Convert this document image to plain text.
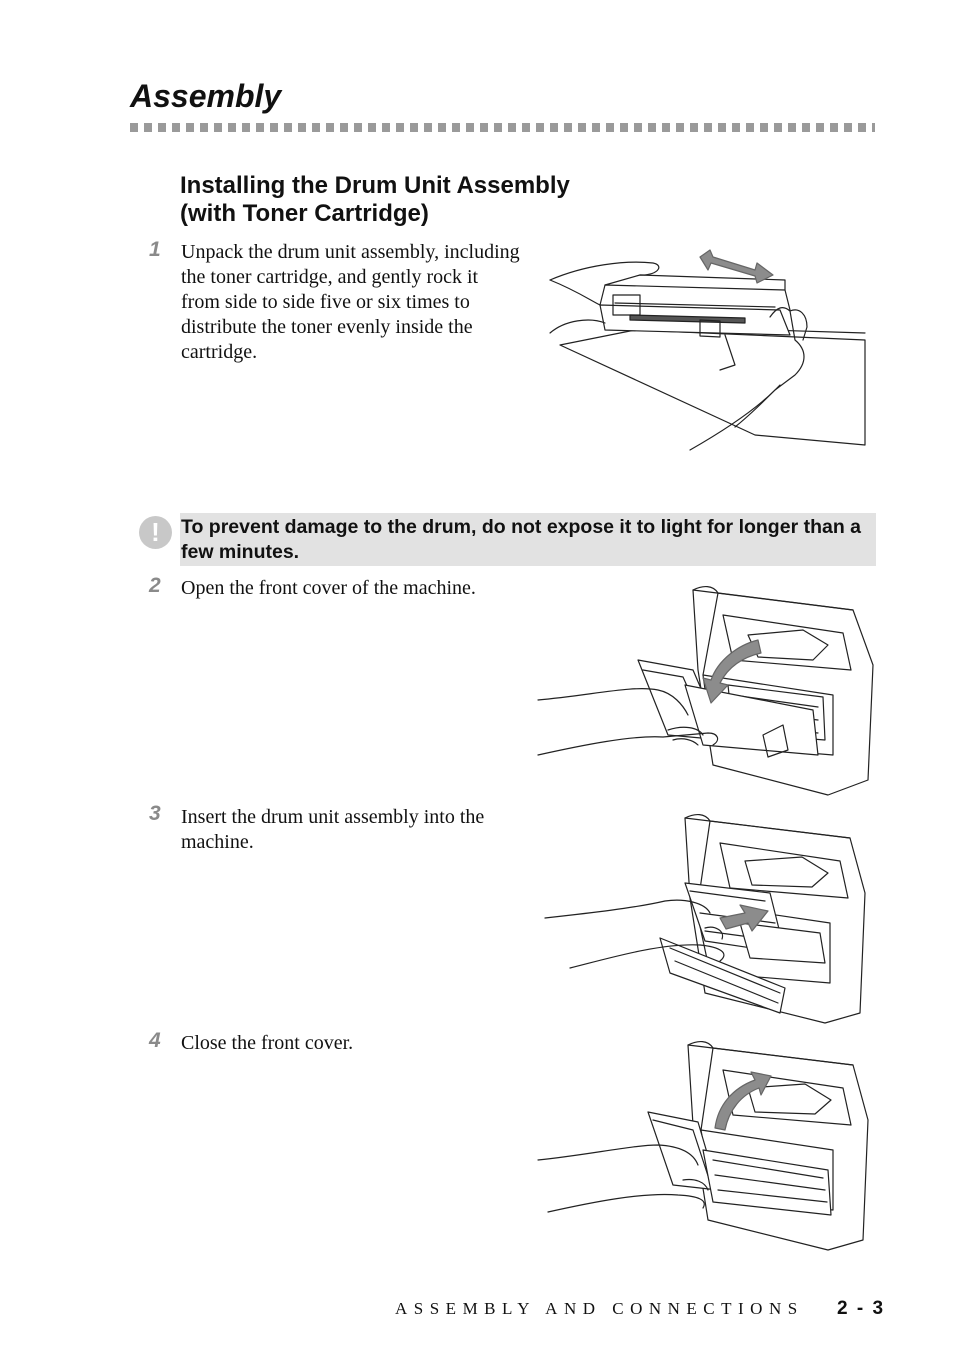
Assembly
Installing the Drum Unit Assembly
(with Toner Cartridge)
1 Unpack the drum unit assembly, including the toner cartridge, and gently rock it from side to side five or six times to distribute the toner evenly inside the cartridge.
!	To prevent damage to the drum, do not expose it to light for longer than a few minutes.
2 Open the front cover of the machine.
3 Insert the drum unit assembly into the machine.
4 Close the front cover.
ASSEMBLY AND CONNECTIONS 2 - 3
